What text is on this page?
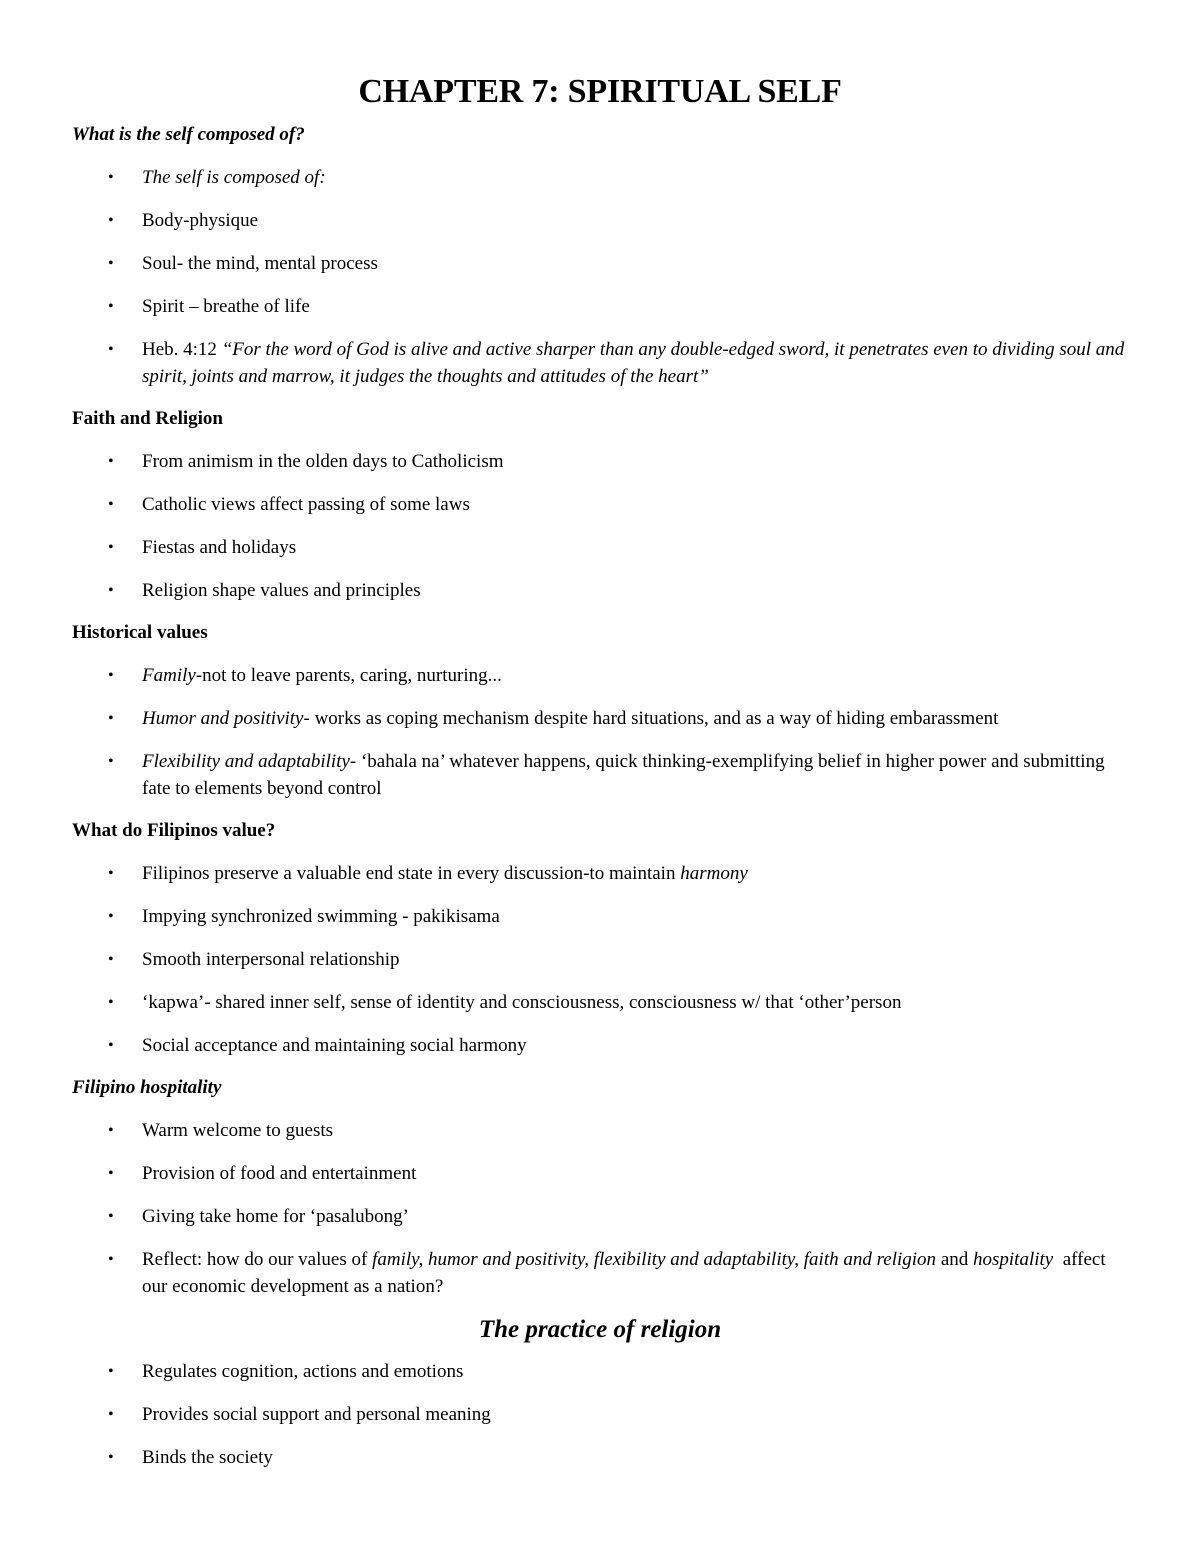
CHAPTER 7: SPIRITUAL SELF

What is the self composed of?

• The self is composed of:
• Body-physique
• Soul- the mind, mental process
• Spirit – breathe of life
• Heb. 4:12 “For the word of God is alive and active sharper than any double-edged sword, it penetrates even to dividing soul and spirit, joints and marrow, it judges the thoughts and attitudes of the heart”

Faith and Religion

• From animism in the olden days to Catholicism
• Catholic views affect passing of some laws
• Fiestas and holidays
• Religion shape values and principles

Historical values

• Family-not to leave parents, caring, nurturing...
• Humor and positivity- works as coping mechanism despite hard situations, and as a way of hiding embarassment
• Flexibility and adaptability- ‘bahala na’ whatever happens, quick thinking-exemplifying belief in higher power and submitting fate to elements beyond control

What do Filipinos value?

• Filipinos preserve a valuable end state in every discussion-to maintain harmony
• Impying synchronized swimming - pakikisama
• Smooth interpersonal relationship
• ‘kapwa’- shared inner self, sense of identity and consciousness, consciousness w/ that ‘other’person
• Social acceptance and maintaining social harmony

Filipino hospitality

• Warm welcome to guests
• Provision of food and entertainment
• Giving take home for ‘pasalubong’
• Reflect: how do our values of family, humor and positivity, flexibility and adaptability, faith and religion and hospitality  affect our economic development as a nation?
The practice of religion
• Regulates cognition, actions and emotions
• Provides social support and personal meaning
• Binds the society
